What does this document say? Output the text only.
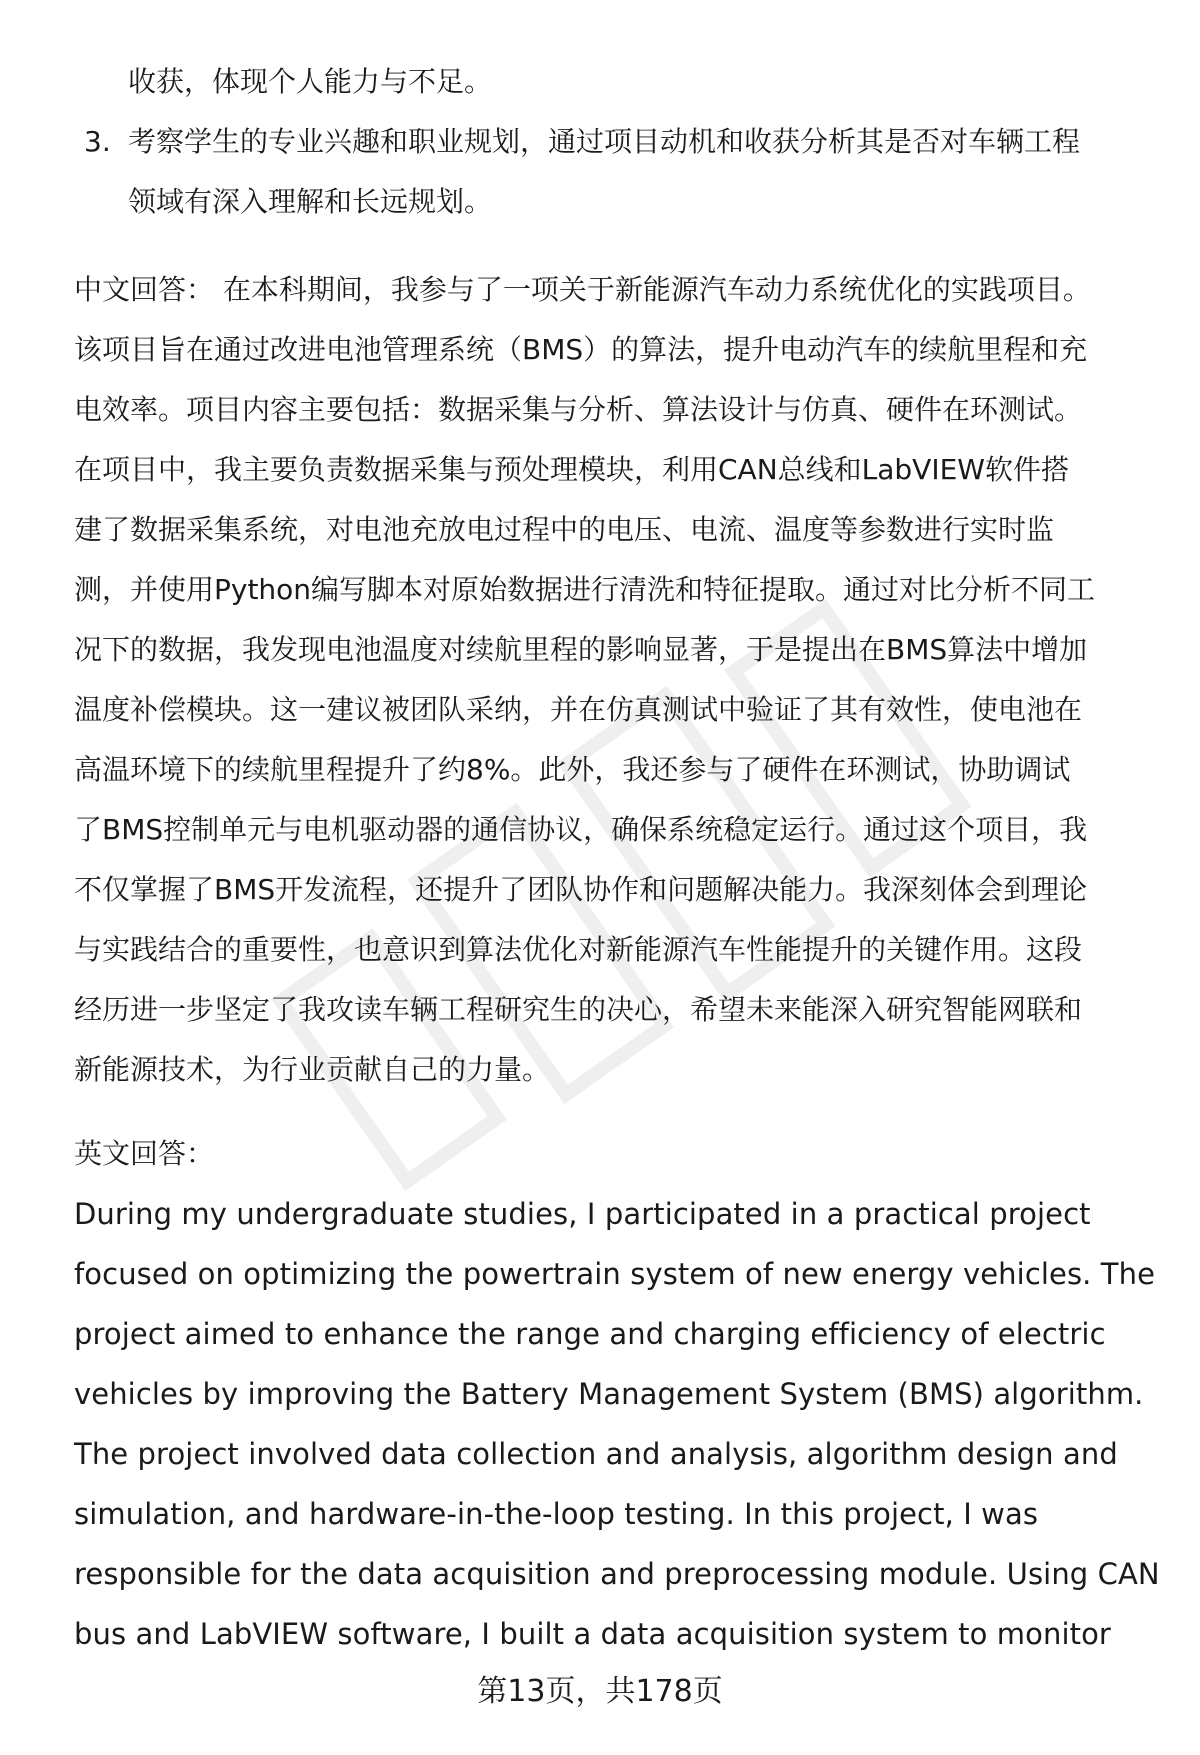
收获，体现个人能力与不足。
3. 考察学生的专业兴趣和职业规划，通过项目动机和收获分析其是否对车辆工程
领域有深入理解和长远规划。
中文回答： 在本科期间，我参与了一项关于新能源汽车动力系统优化的实践项目。
该项目旨在通过改进电池管理系统（BMS）的算法，提升电动汽车的续航里程和充
电效率。项目内容主要包括：数据采集与分析、算法设计与仿真、硬件在环测试。
在项目中，我主要负责数据采集与预处理模块，利用CAN总线和LabVIEW软件搭
建了数据采集系统，对电池充放电过程中的电压、电流、温度等参数进行实时监
测，并使用Python编写脚本对原始数据进行清洗和特征提取。通过对比分析不同工
况下的数据，我发现电池温度对续航里程的影响显著，于是提出在BMS算法中增加
温度补偿模块。这一建议被团队采纳，并在仿真测试中验证了其有效性，使电池在
高温环境下的续航里程提升了约8%。此外，我还参与了硬件在环测试，协助调试
了BMS控制单元与电机驱动器的通信协议，确保系统稳定运行。通过这个项目，我
不仅掌握了BMS开发流程，还提升了团队协作和问题解决能力。我深刻体会到理论
与实践结合的重要性，也意识到算法优化对新能源汽车性能提升的关键作用。这段
经历进一步坚定了我攻读车辆工程研究生的决心，希望未来能深入研究智能网联和
新能源技术，为行业贡献自己的力量。
英文回答：
During my undergraduate studies, I participated in a practical project
focused on optimizing the powertrain system of new energy vehicles. The
project aimed to enhance the range and charging efficiency of electric
vehicles by improving the Battery Management System (BMS) algorithm.
The project involved data collection and analysis, algorithm design and
simulation, and hardware-in-the-loop testing. In this project, I was
responsible for the data acquisition and preprocessing module. Using CAN
bus and LabVIEW software, I built a data acquisition system to monitor
第13页，共178页
